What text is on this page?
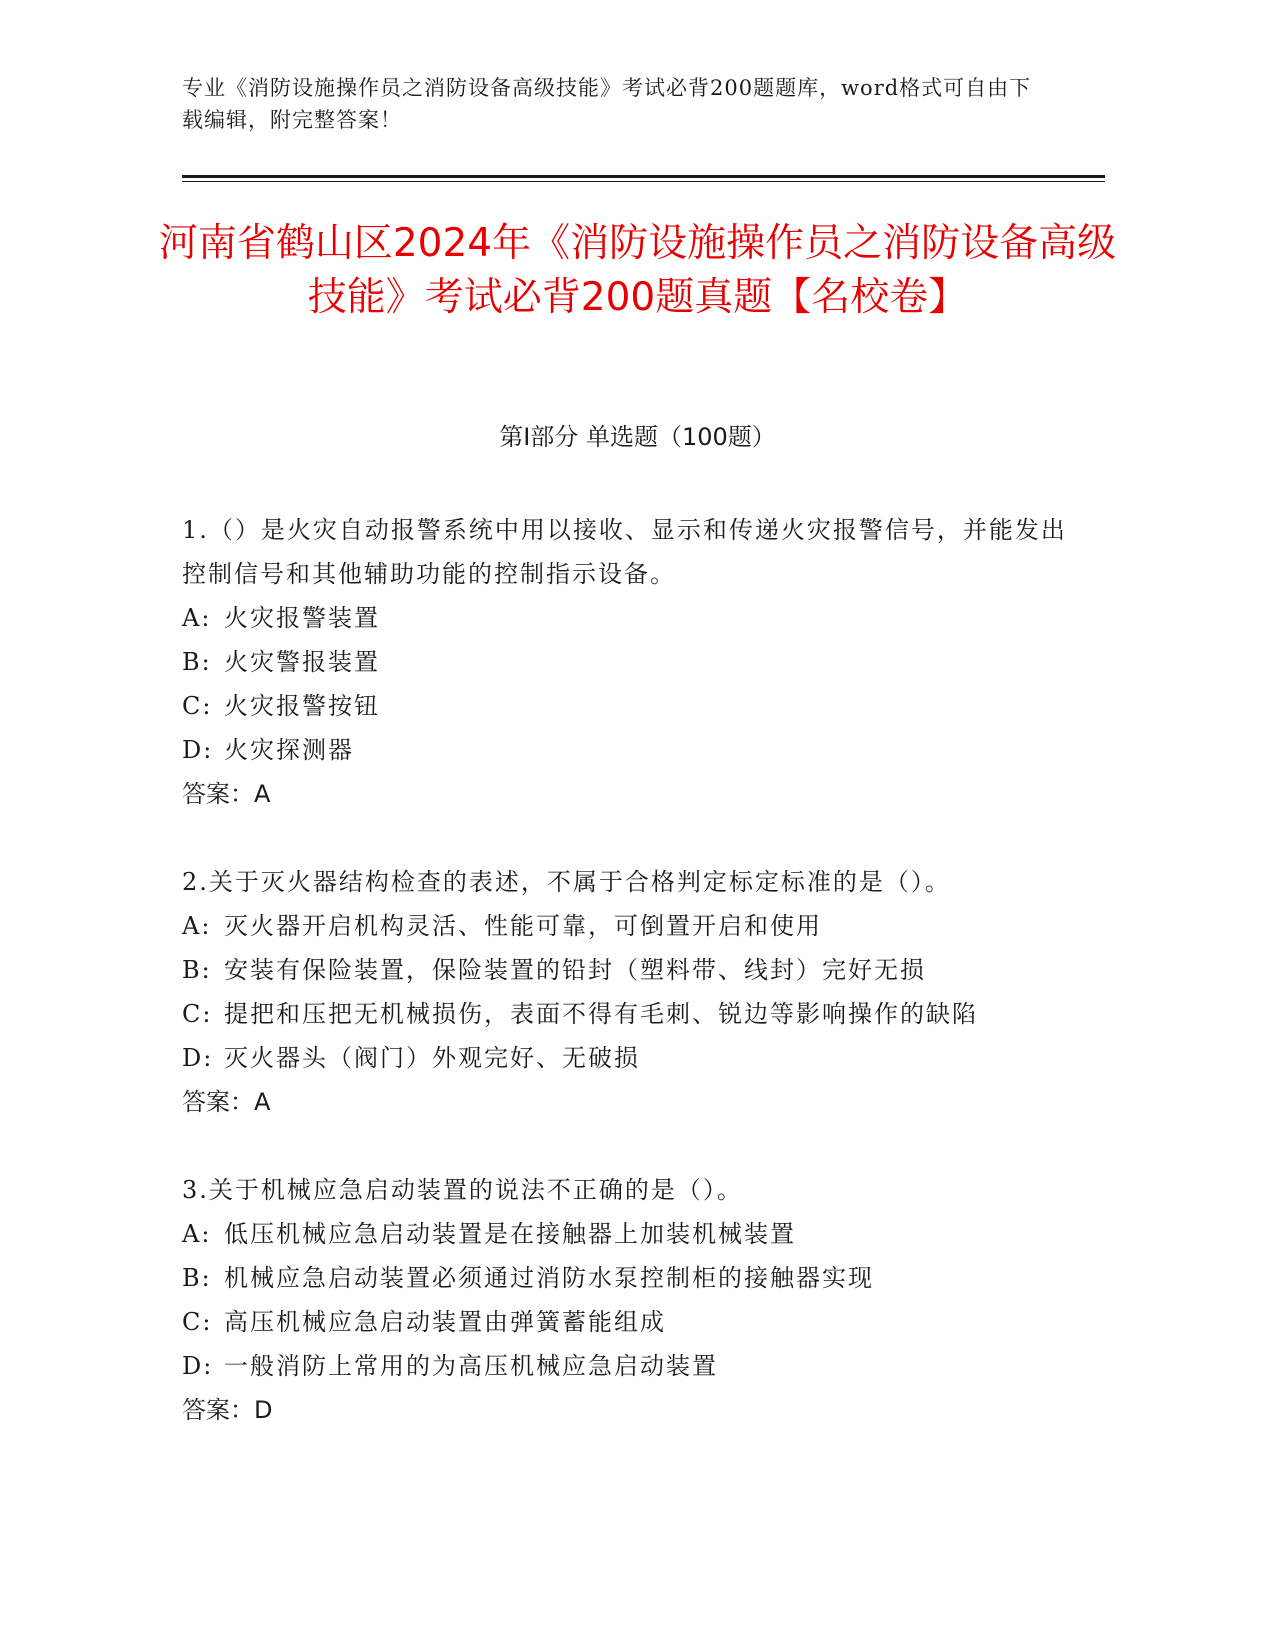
专业《消防设施操作员之消防设备高级技能》考试必背200题题库，word格式可自由下载编辑，附完整答案！
河南省鹤山区2024年《消防设施操作员之消防设备高级技能》考试必背200题真题【名校卷】
第Ⅰ部分 单选题（100题）

1.（）是火灾自动报警系统中用以接收、显示和传递火灾报警信号，并能发出控制信号和其他辅助功能的控制指示设备。

A: 火灾报警装置

B: 火灾警报装置

C: 火灾报警按钮

D: 火灾探测器

答案：A

2.关于灭火器结构检查的表述，不属于合格判定标定标准的是（）。

A: 灭火器开启机构灵活、性能可靠，可倒置开启和使用

B: 安装有保险装置，保险装置的铅封（塑料带、线封）完好无损

C: 提把和压把无机械损伤，表面不得有毛刺、锐边等影响操作的缺陷

D: 灭火器头（阀门）外观完好、无破损

答案：A

3.关于机械应急启动装置的说法不正确的是（）。

A: 低压机械应急启动装置是在接触器上加装机械装置

B: 机械应急启动装置必须通过消防水泵控制柜的接触器实现

C: 高压机械应急启动装置由弹簧蓄能组成

D: 一般消防上常用的为高压机械应急启动装置

答案：D
